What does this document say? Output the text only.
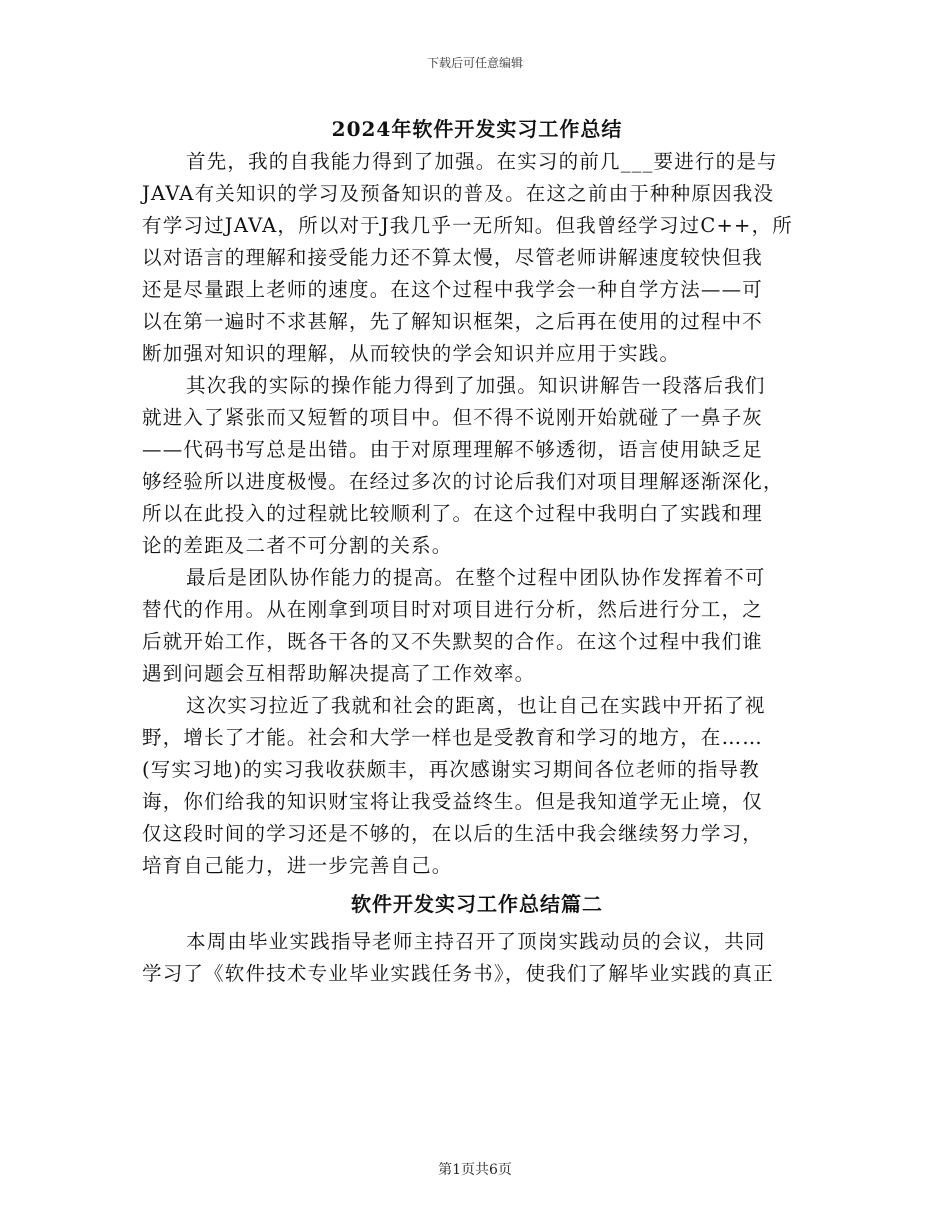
下载后可任意编辑
2024年软件开发实习工作总结
首先，我的自我能力得到了加强。在实习的前几___要进行的是与
JAVA有关知识的学习及预备知识的普及。在这之前由于种种原因我没
有学习过JAVA，所以对于J我几乎一无所知。但我曾经学习过C++，所
以对语言的理解和接受能力还不算太慢，尽管老师讲解速度较快但我
还是尽量跟上老师的速度。在这个过程中我学会一种自学方法——可
以在第一遍时不求甚解，先了解知识框架，之后再在使用的过程中不
断加强对知识的理解，从而较快的学会知识并应用于实践。
其次我的实际的操作能力得到了加强。知识讲解告一段落后我们
就进入了紧张而又短暂的项目中。但不得不说刚开始就碰了一鼻子灰
——代码书写总是出错。由于对原理理解不够透彻，语言使用缺乏足
够经验所以进度极慢。在经过多次的讨论后我们对项目理解逐渐深化，
所以在此投入的过程就比较顺利了。在这个过程中我明白了实践和理
论的差距及二者不可分割的关系。
最后是团队协作能力的提高。在整个过程中团队协作发挥着不可
替代的作用。从在刚拿到项目时对项目进行分析，然后进行分工，之
后就开始工作，既各干各的又不失默契的合作。在这个过程中我们谁
遇到问题会互相帮助解决提高了工作效率。
这次实习拉近了我就和社会的距离，也让自己在实践中开拓了视
野，增长了才能。社会和大学一样也是受教育和学习的地方，在……
(写实习地)的实习我收获颇丰，再次感谢实习期间各位老师的指导教
诲，你们给我的知识财宝将让我受益终生。但是我知道学无止境，仅
仅这段时间的学习还是不够的，在以后的生活中我会继续努力学习，
培育自己能力，进一步完善自己。
软件开发实习工作总结篇二
本周由毕业实践指导老师主持召开了顶岗实践动员的会议，共同
学习了《软件技术专业毕业实践任务书》，使我们了解毕业实践的真正
第1页共6页
